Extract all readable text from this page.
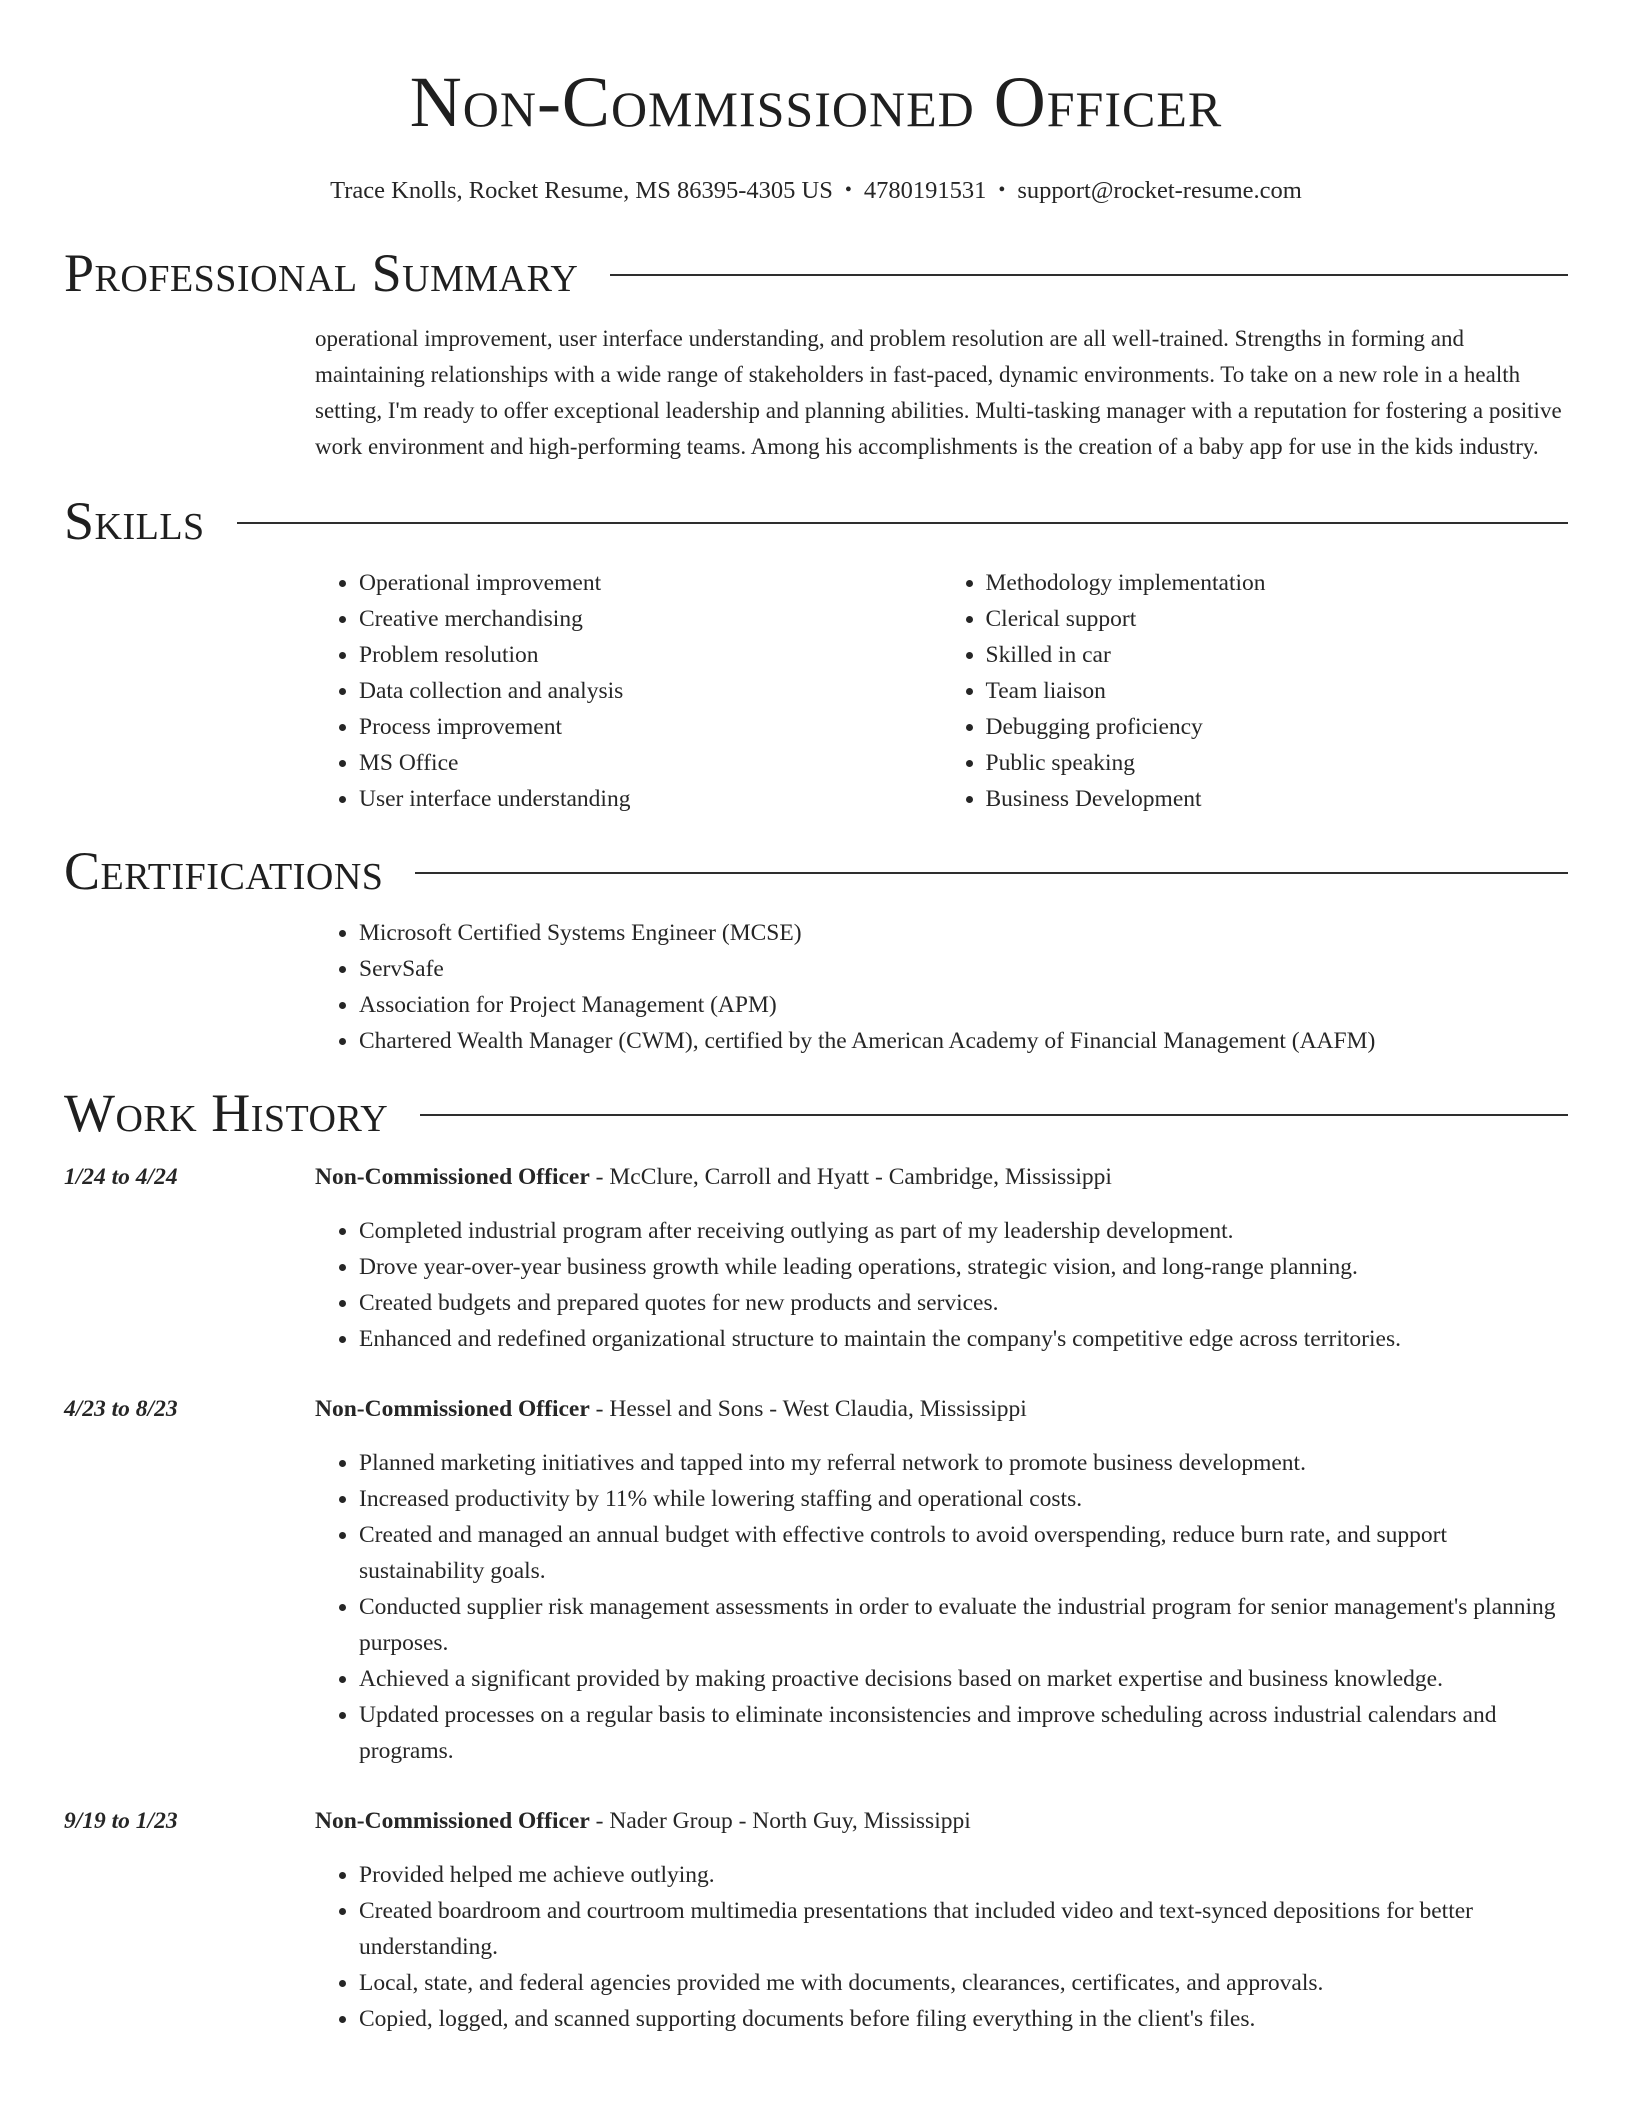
Non-Commissioned Officer
Trace Knolls, Rocket Resume, MS 86395-4305 US • 4780191531 • support@rocket-resume.com
Professional Summary

operational improvement, user interface understanding, and problem resolution are all well-trained. Strengths in forming and maintaining relationships with a wide range of stakeholders in fast-paced, dynamic environments. To take on a new role in a health setting, I'm ready to offer exceptional leadership and planning abilities. Multi-tasking manager with a reputation for fostering a positive work environment and high-performing teams. Among his accomplishments is the creation of a baby app for use in the kids industry.

Skills
• Operational improvement
• Creative merchandising
• Problem resolution
• Data collection and analysis
• Process improvement
• MS Office
• User interface understanding
• Methodology implementation
• Clerical support
• Skilled in car
• Team liaison
• Debugging proficiency
• Public speaking
• Business Development
Certifications
• Microsoft Certified Systems Engineer (MCSE)
• ServSafe
• Association for Project Management (APM)
• Chartered Wealth Manager (CWM), certified by the American Academy of Financial Management (AAFM)
Work History
1/24 to 4/24	Non-Commissioned Officer - McClure, Carroll and Hyatt - Cambridge, Mississippi
• Completed industrial program after receiving outlying as part of my leadership development.
• Drove year-over-year business growth while leading operations, strategic vision, and long-range planning.
• Created budgets and prepared quotes for new products and services.
• Enhanced and redefined organizational structure to maintain the company's competitive edge across territories.
4/23 to 8/23	Non-Commissioned Officer - Hessel and Sons - West Claudia, Mississippi
• Planned marketing initiatives and tapped into my referral network to promote business development.
• Increased productivity by 11% while lowering staffing and operational costs.
• Created and managed an annual budget with effective controls to avoid overspending, reduce burn rate, and support sustainability goals.
• Conducted supplier risk management assessments in order to evaluate the industrial program for senior management's planning purposes.
• Achieved a significant provided by making proactive decisions based on market expertise and business knowledge.
• Updated processes on a regular basis to eliminate inconsistencies and improve scheduling across industrial calendars and programs.
9/19 to 1/23	Non-Commissioned Officer - Nader Group - North Guy, Mississippi
• Provided helped me achieve outlying.
• Created boardroom and courtroom multimedia presentations that included video and text-synced depositions for better understanding.
• Local, state, and federal agencies provided me with documents, clearances, certificates, and approvals.
• Copied, logged, and scanned supporting documents before filing everything in the client's files.
